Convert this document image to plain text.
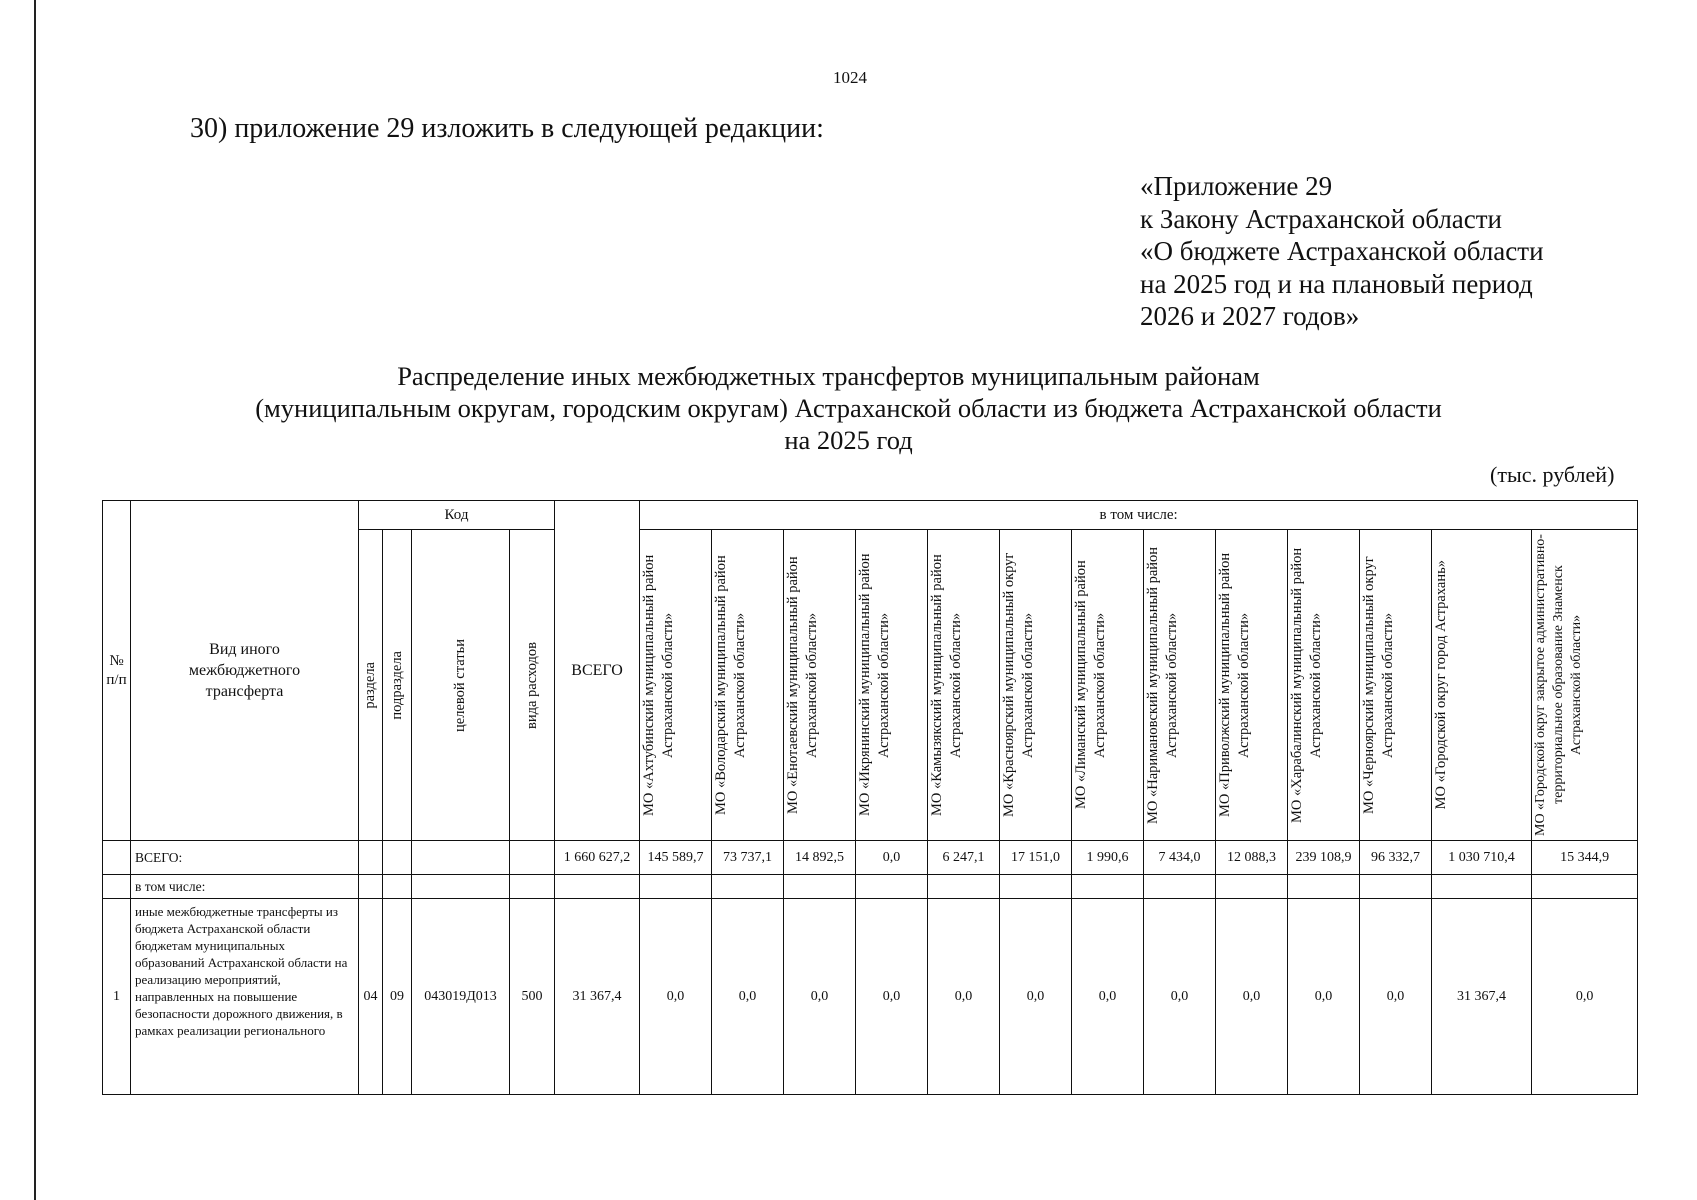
1024
30) приложение 29 изложить в следующей редакции:
«Приложение 29
к Закону Астраханской области
«О бюджете Астраханской области
на 2025 год и на плановый период
2026 и 2027 годов»
Распределение иных межбюджетных трансфертов муниципальным районам
(муниципальным округам, городским округам) Астраханской области из бюджета Астраханской области
на 2025 год
(тыс. рублей)
№ п/п	Вид иного межбюджетного трансферта	Код				ВСЕГО	в том числе:												

		раздела	подраздела	целевой статьи	вида расходов		МО «Ахтубинский муниципальный район Астраханской области»	МО «Володарский муниципальный район Астраханской области»	МО «Енотаевский муниципальный район Астраханской области»	МО «Икрянинский муниципальный район Астраханской области»	МО «Камызякский муниципальный район Астраханской области»	МО «Красноярский муниципальный округ Астраханской области»	МО «Лиманский муниципальный район Астраханской области»	МО «Наримановский муниципальный район Астраханской области»	МО «Приволжский муниципальный район Астраханской области»	МО «Харабалинский муниципальный район Астраханской области»	МО «Черноярский муниципальный округ Астраханской области»	МО «Городской округ город Астрахань»	МО «Городской округ закрытое административно-территориальное образование Знаменск Астраханской области»

	ВСЕГО:					1 660 627,2	145 589,7	73 737,1	14 892,5	0,0	6 247,1	17 151,0	1 990,6	7 434,0	12 088,3	239 108,9	96 332,7	1 030 710,4	15 344,9
	в том числе:																		
1	иные межбюджетные трансферты из бюджета Астраханской области бюджетам муниципальных образований Астраханской области на реализацию мероприятий, направленных на повышение безопасности дорожного движения, в рамках реализации регионального	04	09	043019Д013	500	31 367,4	0,0	0,0	0,0	0,0	0,0	0,0	0,0	0,0	0,0	0,0	0,0	31 367,4	0,0
